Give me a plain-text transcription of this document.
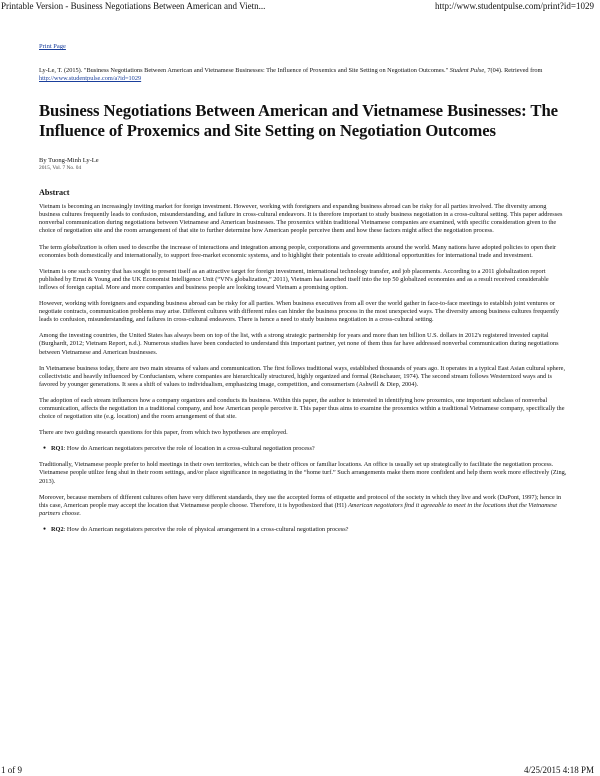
Printable Version - Business Negotiations Between American and Vietn...	http://www.studentpulse.com/print?id=1029
Print Page

Ly-Le, T. (2015). "Business Negotiations Between American and Vietnamese Businesses: The Influence of Proxemics and Site Setting on Negotiation Outcomes." Student Pulse, 7(04). Retrieved from http://www.studentpulse.com/a?id=1029

Business Negotiations Between American and Vietnamese Businesses: The Influence of Proxemics and Site Setting on Negotiation Outcomes
By Tuong-Minh Ly-Le
2015, Vol. 7 No. 04
Abstract

Vietnam is becoming an increasingly inviting market for foreign investment. However, working with foreigners and expanding business abroad can be risky for all parties involved. The diversity among business cultures frequently leads to confusion, misunderstanding, and failure in cross-cultural endeavors. It is therefore important to study business negotiation in a cross-cultural setting. This paper addresses nonverbal communication during negotiations between Vietnamese and American businesses. The proxemics within traditional Vietnamese companies are examined, with specific consideration given to the choice of negotiation site and the room arrangement of that site to further determine how American people perceive them and how these factors might affect the negotiation process.

The term globalization is often used to describe the increase of interactions and integration among people, corporations and governments around the world. Many nations have adopted policies to open their economies both domestically and internationally, to support free-market economic systems, and to highlight their potentials to create additional opportunities for international trade and investment.

Vietnam is one such country that has sought to present itself as an attractive target for foreign investment, international technology transfer, and job placements. According to a 2011 globalization report published by Ernst & Young and the UK Economist Intelligence Unit (“VN's globalization,” 2011), Vietnam has launched itself into the top 50 globalized economies and as a result received considerable inflows of foreign capital. More and more companies and business people are looking toward Vietnam a promising option.

However, working with foreigners and expanding business abroad can be risky for all parties. When business executives from all over the world gather in face-to-face meetings to establish joint ventures or negotiate contracts, communication problems may arise. Different cultures with different rules can hinder the business process in the most unexpected ways. The diversity among business cultures frequently leads to confusion, misunderstanding, and failures in cross-cultural endeavors. There is hence a need to study business negotiation in a cross-cultural setting.

Among the investing countries, the United States has always been on top of the list, with a strong strategic partnership for years and more than ten billion U.S. dollars in 2012's registered invested capital (Burghardt, 2012; Vietnam Report, n.d.). Numerous studies have been conducted to understand this important partner, yet none of them thus far have addressed nonverbal communication during negotiations between Vietnamese and American businesses.

In Vietnamese business today, there are two main streams of values and communication. The first follows traditional ways, established thousands of years ago. It operates in a typical East Asian cultural sphere, collectivistic and heavily influenced by Confucianism, where companies are hierarchically structured, highly organized and formal (Reischauer, 1974). The second stream follows Westernized ways and is favored by younger generations. It sees a shift of values to individualism, emphasizing image, competition, and consumerism (Ashwill & Diep, 2004).

The adoption of each stream influences how a company organizes and conducts its business. Within this paper, the author is interested in identifying how proxemics, one important subclass of nonverbal communication, affects the negotiation in a traditional company, and how American people perceive it. This paper thus aims to examine the proxemics within a traditional Vietnamese company, specifically the choice of negotiation site (e.g. location) and the room arrangement of that site.

There are two guiding research questions for this paper, from which two hypotheses are employed.

● RQ1: How do American negotiators perceive the role of location in a cross-cultural negotiation process?

Traditionally, Vietnamese people prefer to hold meetings in their own territories, which can be their offices or familiar locations. An office is usually set up strategically to facilitate the negotiation process. Vietnamese people utilize feng shui in their room settings, and/or place significance in negotiating in the “home turf.” Such arrangements make them more confident and help them work more effectively (Zing, 2013).

Moreover, because members of different cultures often have very different standards, they use the accepted forms of etiquette and protocol of the society in which they live and work (DuPont, 1997); hence in this case, American people may accept the location that Vietnamese people choose. Therefore, it is hypothesized that (H1) American negotiators find it agreeable to meet in the locations that the Vietnamese partners choose.

● RQ2: How do American negotiators perceive the role of physical arrangement in a cross-cultural negotiation process?
1 of 9	4/25/2015 4:18 PM
